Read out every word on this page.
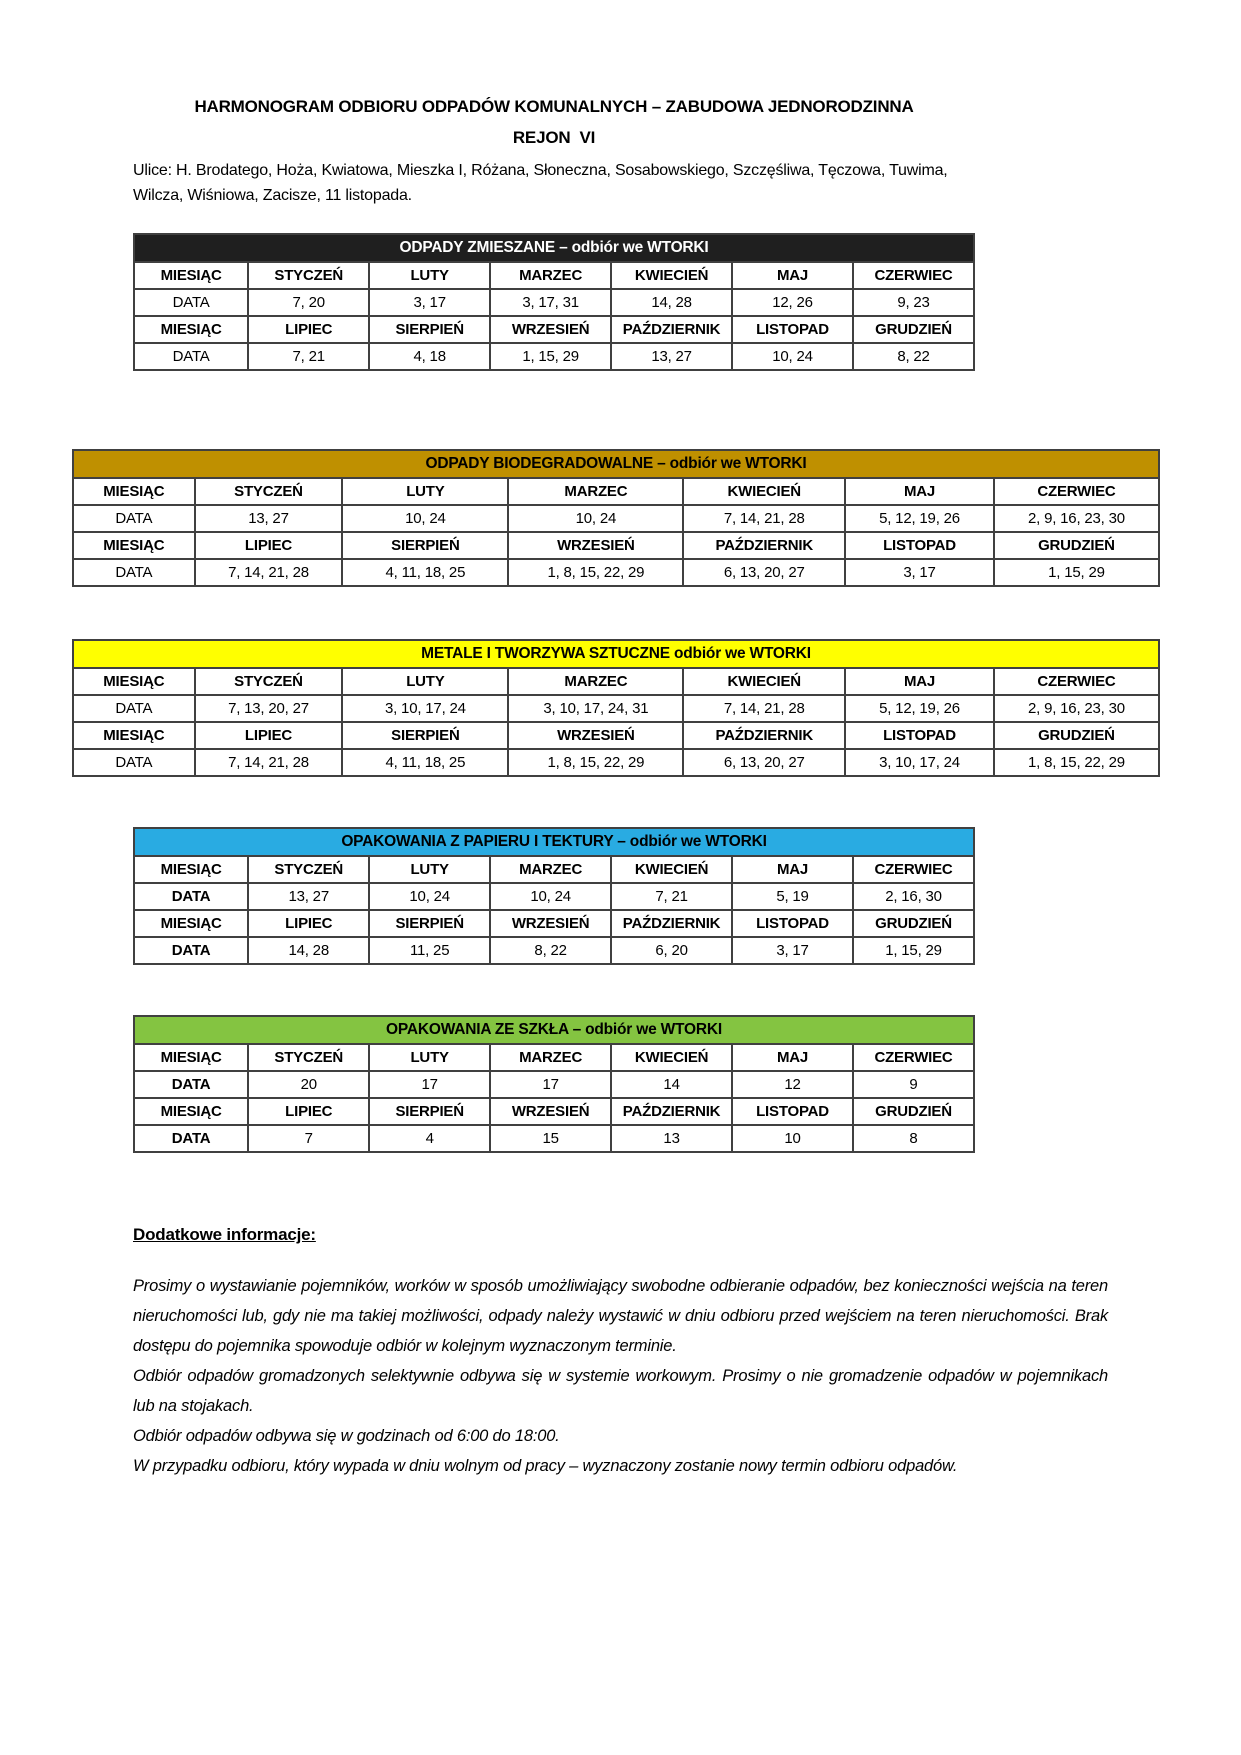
HARMONOGRAM ODBIORU ODPADÓW KOMUNALNYCH – ZABUDOWA JEDNORODZINNA
REJON  VI

Ulice: H. Brodatego, Hoża, Kwiatowa, Mieszka I, Różana, Słoneczna, Sosabowskiego, Szczęśliwa, Tęczowa, Tuwima, Wilcza, Wiśniowa, Zacisze, 11 listopada.

ODPADY ZMIESZANE – odbiór we WTORKI						
MIESIĄC	STYCZEŃ	LUTY	MARZEC	KWIECIEŃ	MAJ	CZERWIEC
DATA	7, 20	3, 17	3, 17, 31	14, 28	12, 26	9, 23
MIESIĄC	LIPIEC	SIERPIEŃ	WRZESIEŃ	PAŹDZIERNIK	LISTOPAD	GRUDZIEŃ
DATA	7, 21	4, 18	1, 15, 29	13, 27	10, 24	8, 22
ODPADY BIODEGRADOWALNE – odbiór we WTORKI						
MIESIĄC	STYCZEŃ	LUTY	MARZEC	KWIECIEŃ	MAJ	CZERWIEC
DATA	13, 27	10, 24	10, 24	7, 14, 21, 28	5, 12, 19, 26	2, 9, 16, 23, 30
MIESIĄC	LIPIEC	SIERPIEŃ	WRZESIEŃ	PAŹDZIERNIK	LISTOPAD	GRUDZIEŃ
DATA	7, 14, 21, 28	4, 11, 18, 25	1, 8, 15, 22, 29	6, 13, 20, 27	3, 17	1, 15, 29
METALE I TWORZYWA SZTUCZNE odbiór we WTORKI						
MIESIĄC	STYCZEŃ	LUTY	MARZEC	KWIECIEŃ	MAJ	CZERWIEC
DATA	7, 13, 20, 27	3, 10, 17, 24	3, 10, 17, 24, 31	7, 14, 21, 28	5, 12, 19, 26	2, 9, 16, 23, 30
MIESIĄC	LIPIEC	SIERPIEŃ	WRZESIEŃ	PAŹDZIERNIK	LISTOPAD	GRUDZIEŃ
DATA	7, 14, 21, 28	4, 11, 18, 25	1, 8, 15, 22, 29	6, 13, 20, 27	3, 10, 17, 24	1, 8, 15, 22, 29
OPAKOWANIA Z PAPIERU I TEKTURY – odbiór we WTORKI						
MIESIĄC	STYCZEŃ	LUTY	MARZEC	KWIECIEŃ	MAJ	CZERWIEC
DATA	13, 27	10, 24	10, 24	7, 21	5, 19	2, 16, 30
MIESIĄC	LIPIEC	SIERPIEŃ	WRZESIEŃ	PAŹDZIERNIK	LISTOPAD	GRUDZIEŃ
DATA	14, 28	11, 25	8, 22	6, 20	3, 17	1, 15, 29
OPAKOWANIA ZE SZKŁA – odbiór we WTORKI						
MIESIĄC	STYCZEŃ	LUTY	MARZEC	KWIECIEŃ	MAJ	CZERWIEC
DATA	20	17	17	14	12	9
MIESIĄC	LIPIEC	SIERPIEŃ	WRZESIEŃ	PAŹDZIERNIK	LISTOPAD	GRUDZIEŃ
DATA	7	4	15	13	10	8
Dodatkowe informacje:

Prosimy o wystawianie pojemników, worków w sposób umożliwiający swobodne odbieranie odpadów, bez konieczności wejścia na teren nieruchomości lub, gdy nie ma takiej możliwości, odpady należy wystawić w dniu odbioru przed wejściem na teren nieruchomości. Brak dostępu do pojemnika spowoduje odbiór w kolejnym wyznaczonym terminie.

Odbiór odpadów gromadzonych selektywnie odbywa się w systemie workowym. Prosimy o nie gromadzenie odpadów w pojemnikach lub na stojakach.

Odbiór odpadów odbywa się w godzinach od 6:00 do 18:00.

W przypadku odbioru, który wypada w dniu wolnym od pracy – wyznaczony zostanie nowy termin odbioru odpadów.
